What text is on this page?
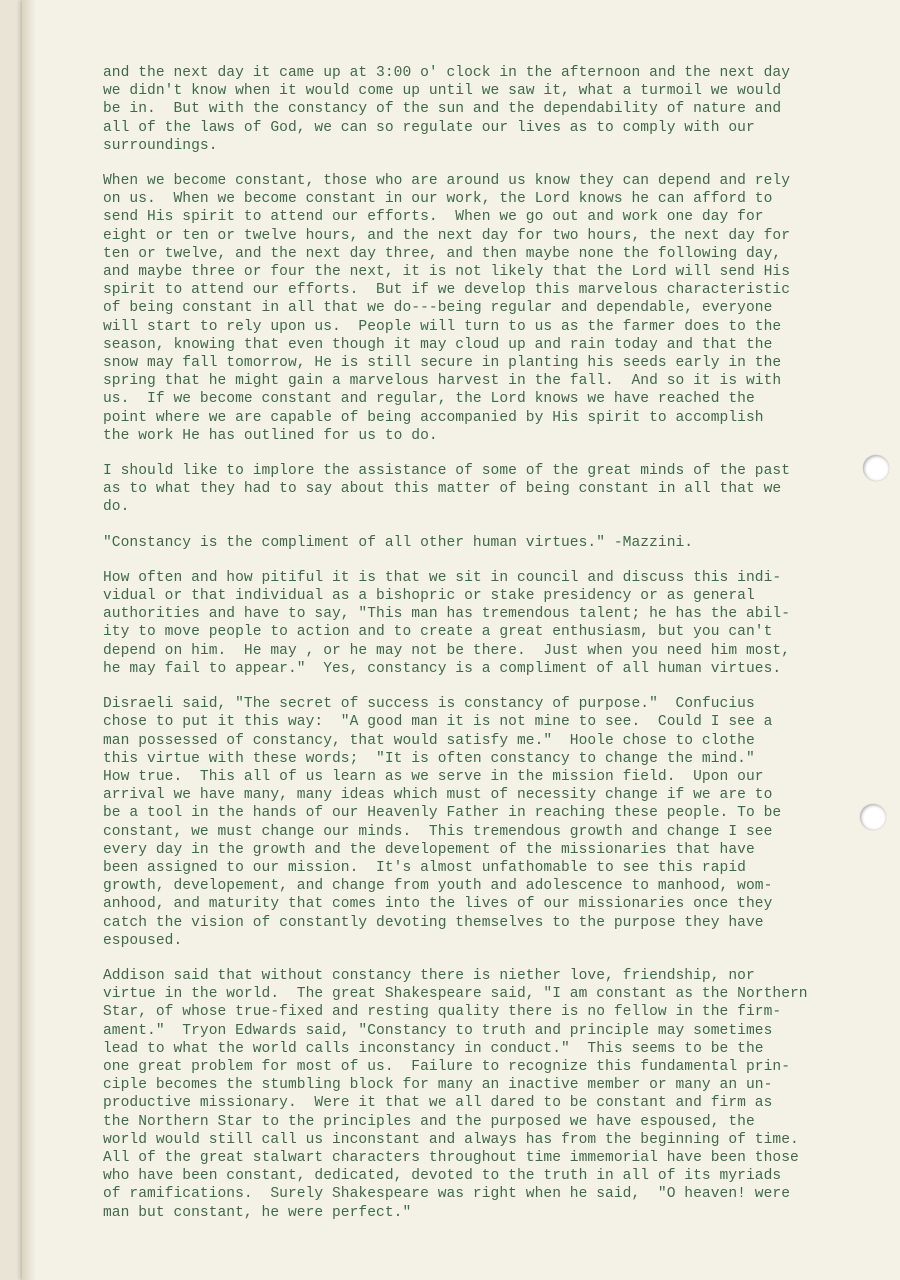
and the next day it came up at 3:00 o' clock in the afternoon and the next day
we didn't know when it would come up until we saw it, what a turmoil we would
be in.  But with the constancy of the sun and the dependability of nature and
all of the laws of God, we can so regulate our lives as to comply with our
surroundings.
When we become constant, those who are around us know they can depend and rely
on us.  When we become constant in our work, the Lord knows he can afford to
send His spirit to attend our efforts.  When we go out and work one day for
eight or ten or twelve hours, and the next day for two hours, the next day for
ten or twelve, and the next day three, and then maybe none the following day,
and maybe three or four the next, it is not likely that the Lord will send His
spirit to attend our efforts.  But if we develop this marvelous characteristic
of being constant in all that we do---being regular and dependable, everyone
will start to rely upon us.  People will turn to us as the farmer does to the
season, knowing that even though it may cloud up and rain today and that the
snow may fall tomorrow, He is still secure in planting his seeds early in the
spring that he might gain a marvelous harvest in the fall.  And so it is with
us.  If we become constant and regular, the Lord knows we have reached the
point where we are capable of being accompanied by His spirit to accomplish
the work He has outlined for us to do.
I should like to implore the assistance of some of the great minds of the past
as to what they had to say about this matter of being constant in all that we
do.
"Constancy is the compliment of all other human virtues." -Mazzini.
How often and how pitiful it is that we sit in council and discuss this indi-
vidual or that individual as a bishopric or stake presidency or as general
authorities and have to say, "This man has tremendous talent; he has the abil-
ity to move people to action and to create a great enthusiasm, but you can't
depend on him.  He may , or he may not be there.  Just when you need him most,
he may fail to appear."  Yes, constancy is a compliment of all human virtues.
Disraeli said, "The secret of success is constancy of purpose."  Confucius
chose to put it this way:  "A good man it is not mine to see.  Could I see a
man possessed of constancy, that would satisfy me."  Hoole chose to clothe
this virtue with these words;  "It is often constancy to change the mind."
How true.  This all of us learn as we serve in the mission field.  Upon our
arrival we have many, many ideas which must of necessity change if we are to
be a tool in the hands of our Heavenly Father in reaching these people. To be
constant, we must change our minds.  This tremendous growth and change I see
every day in the growth and the developement of the missionaries that have
been assigned to our mission.  It's almost unfathomable to see this rapid
growth, developement, and change from youth and adolescence to manhood, wom-
anhood, and maturity that comes into the lives of our missionaries once they
catch the vision of constantly devoting themselves to the purpose they have
espoused.
Addison said that without constancy there is niether love, friendship, nor
virtue in the world.  The great Shakespeare said, "I am constant as the Northern
Star, of whose true-fixed and resting quality there is no fellow in the firm-
ament."  Tryon Edwards said, "Constancy to truth and principle may sometimes
lead to what the world calls inconstancy in conduct."  This seems to be the
one great problem for most of us.  Failure to recognize this fundamental prin-
ciple becomes the stumbling block for many an inactive member or many an un-
productive missionary.  Were it that we all dared to be constant and firm as
the Northern Star to the principles and the purposed we have espoused, the
world would still call us inconstant and always has from the beginning of time.
All of the great stalwart characters throughout time immemorial have been those
who have been constant, dedicated, devoted to the truth in all of its myriads
of ramifications.  Surely Shakespeare was right when he said,  "O heaven! were
man but constant, he were perfect."
